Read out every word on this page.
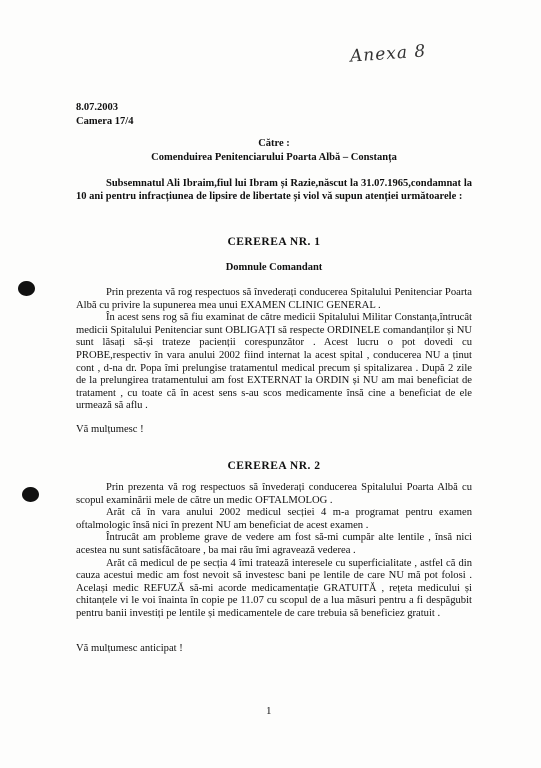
Anexa 8
8.07.2003
Camera 17/4
Către :
Comenduirea Penitenciarului Poarta Albă – Constanța
Subsemnatul Ali Ibraim,fiul lui Ibram și Razie,născut la 31.07.1965,condamnat la 10 ani pentru infracțiunea de lipsire de libertate și viol vă supun atenției următoarele :
CEREREA NR. 1
Domnule Comandant

Prin prezenta vă rog respectuos să învederați conducerea Spitalului Penitenciar Poarta Albă cu privire la supunerea mea unui EXAMEN CLINIC GENERAL .

În acest sens rog să fiu examinat de către medicii Spitalului Militar Constanța,întrucât medicii Spitalului Penitenciar sunt OBLIGAȚI să respecte ORDINELE comandanților și NU sunt lăsați să-și trateze pacienții corespunzător . Acest lucru o pot dovedi cu PROBE,respectiv în vara anului 2002 fiind internat la acest spital , conducerea NU a ținut cont , d-na dr. Popa îmi prelungise tratamentul medical precum și spitalizarea . După 2 zile de la prelungirea tratamentului am fost EXTERNAT la ORDIN și NU am mai beneficiat de tratament , cu toate că în acest sens s-au scos medicamente însă cine a beneficiat de ele urmează să aflu .

Vă mulțumesc !
CEREREA NR. 2

Prin prezenta vă rog respectuos să învederați conducerea Spitalului Poarta Albă cu scopul examinării mele de către un medic OFTALMOLOG .

Arăt că în vara anului 2002 medicul secției 4 m-a programat pentru examen oftalmologic însă nici în prezent NU am beneficiat de acest examen .

Întrucât am probleme grave de vedere am fost să-mi cumpăr alte lentile , însă nici acestea nu sunt satisfăcătoare , ba mai rău îmi agravează vederea .

Arăt că medicul de pe secția 4 îmi tratează interesele cu superficialitate , astfel că din cauza acestui medic am fost nevoit să investesc bani pe lentile de care NU mă pot folosi . Același medic REFUZĂ să-mi acorde medicamentație GRATUITĂ , rețeta medicului și chitanțele vi le voi înainta în copie pe 11.07 cu scopul de a lua măsuri pentru a fi despăgubit pentru banii investiți pe lentile și medicamentele de care trebuia să beneficiez gratuit .

Vă mulțumesc anticipat !
1
